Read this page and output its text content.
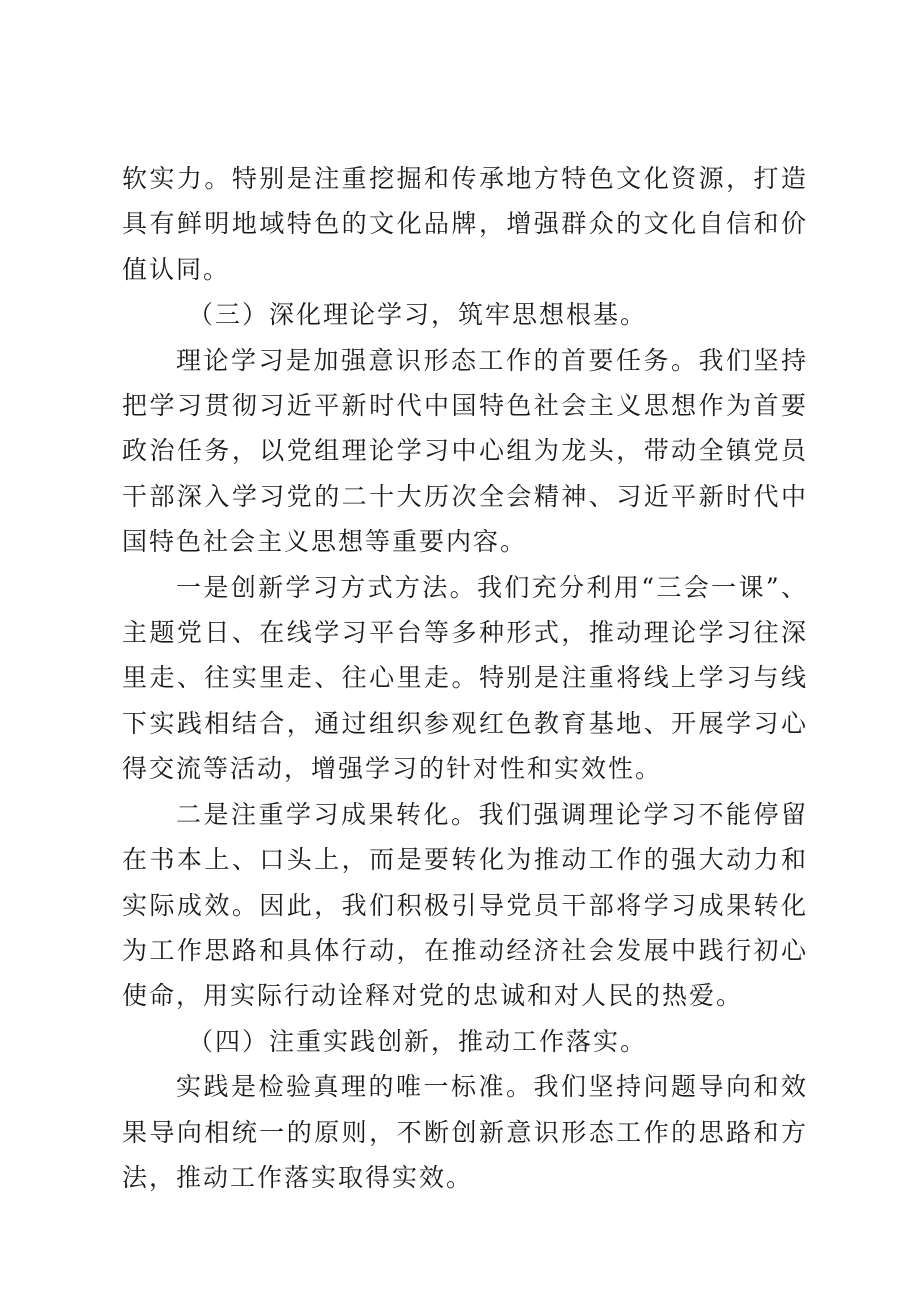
软实力。特别是注重挖掘和传承地方特色文化资源，打造具有鲜明地域特色的文化品牌，增强群众的文化自信和价值认同。

（三）深化理论学习，筑牢思想根基。

理论学习是加强意识形态工作的首要任务。我们坚持把学习贯彻习近平新时代中国特色社会主义思想作为首要政治任务，以党组理论学习中心组为龙头，带动全镇党员干部深入学习党的二十大历次全会精神、习近平新时代中国特色社会主义思想等重要内容。

一是创新学习方式方法。我们充分利用“三会一课”、主题党日、在线学习平台等多种形式，推动理论学习往深里走、往实里走、往心里走。特别是注重将线上学习与线下实践相结合，通过组织参观红色教育基地、开展学习心得交流等活动，增强学习的针对性和实效性。

二是注重学习成果转化。我们强调理论学习不能停留在书本上、口头上，而是要转化为推动工作的强大动力和实际成效。因此，我们积极引导党员干部将学习成果转化为工作思路和具体行动，在推动经济社会发展中践行初心使命，用实际行动诠释对党的忠诚和对人民的热爱。

（四）注重实践创新，推动工作落实。

实践是检验真理的唯一标准。我们坚持问题导向和效果导向相统一的原则，不断创新意识形态工作的思路和方法，推动工作落实取得实效。
